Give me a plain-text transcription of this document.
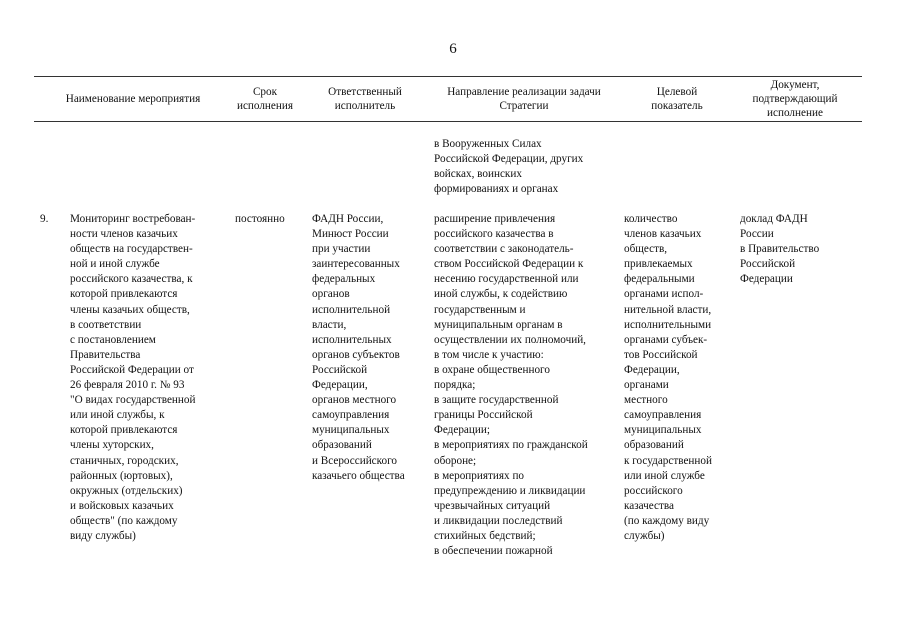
6
Наименование мероприятия
Срок
исполнения
Ответственный
исполнитель
Направление реализации задачи
Стратегии
Целевой
показатель
Документ,
подтверждающий
исполнение
в Вооруженных Силах
Российской Федерации, других
войсках, воинских
формированиях и органах
9.	Мониторинг востребован-
ности членов казачьих
обществ на государствен-
ной и иной службе
российского казачества, к
которой привлекаются
члены казачьих обществ,
в соответствии
с постановлением
Правительства
Российской Федерации от
26 февраля 2010 г. № 93
"О видах государственной
или иной службы, к
которой привлекаются
члены хуторских,
станичных, городских,
районных (юртовых),
окружных (отдельских)
и войсковых казачьих
обществ" (по каждому
виду службы)
постоянно	ФАДН России,
Минюст России
при участии
заинтересованных
федеральных
органов
исполнительной
власти,
исполнительных
органов субъектов
Российской
Федерации,
органов местного
самоуправления
муниципальных
образований
и Всероссийского
казачьего общества
расширение привлечения
российского казачества в
соответствии с законодатель-
ством Российской Федерации к
несению государственной или
иной службы, к содействию
государственным и
муниципальным органам в
осуществлении их полномочий,
в том числе к участию:
в охране общественного
порядка;
в защите государственной
границы Российской
Федерации;
в мероприятиях по гражданской
обороне;
в мероприятиях по
предупреждению и ликвидации
чрезвычайных ситуаций
и ликвидации последствий
стихийных бедствий;
в обеспечении пожарной
количество
членов казачьих
обществ,
привлекаемых
федеральными
органами испол-
нительной власти,
исполнительными
органами субъек-
тов Российской
Федерации,
органами
местного
самоуправления
муниципальных
образований
к государственной
или иной службе
российского
казачества
(по каждому виду
службы)
доклад ФАДН
России
в Правительство
Российской
Федерации
